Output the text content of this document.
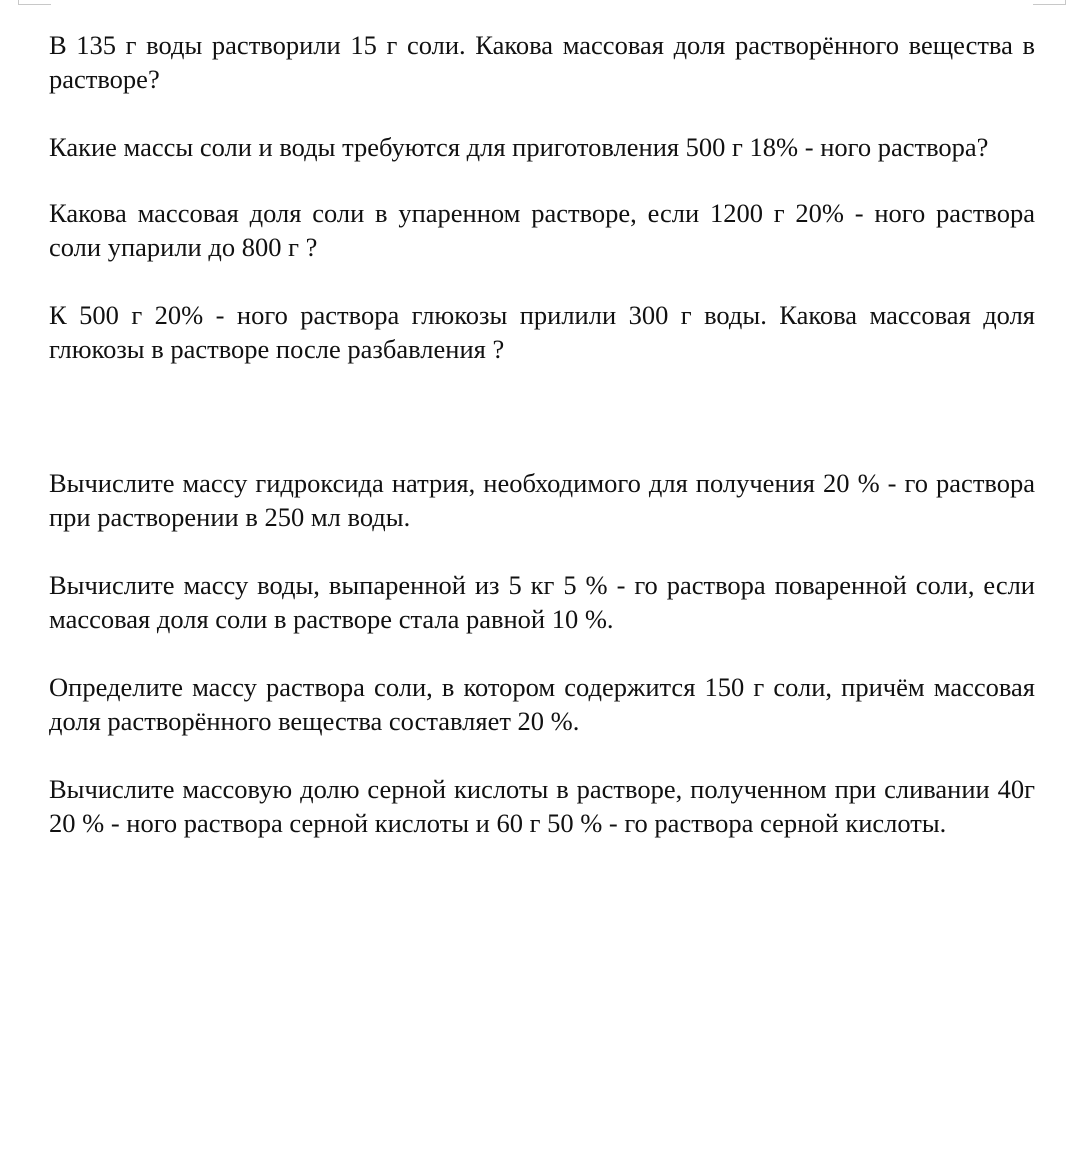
В 135 г воды растворили 15 г соли. Какова массовая доля растворённого вещества в растворе?

Какие массы соли и воды требуются для приготовления 500 г 18% - ного раствора?

Какова массовая доля соли в упаренном растворе, если 1200 г 20% - ного раствора соли упарили до 800 г ?

К 500 г 20% - ного раствора глюкозы прилили 300 г воды. Какова массовая доля глюкозы в растворе после разбавления ?

Вычислите массу гидроксида натрия, необходимого для получения 20 % - го раствора при растворении в 250 мл воды.

Вычислите массу воды, выпаренной из 5 кг 5 % - го раствора поваренной соли, если массовая доля соли в растворе стала равной 10 %.

Определите массу раствора соли, в котором содержится 150 г соли, причём массовая доля растворённого вещества составляет 20 %.

Вычислите массовую долю серной кислоты в растворе, полученном при сливании 40г 20 % - ного раствора серной кислоты и 60 г 50 % - го раствора серной кислоты.
